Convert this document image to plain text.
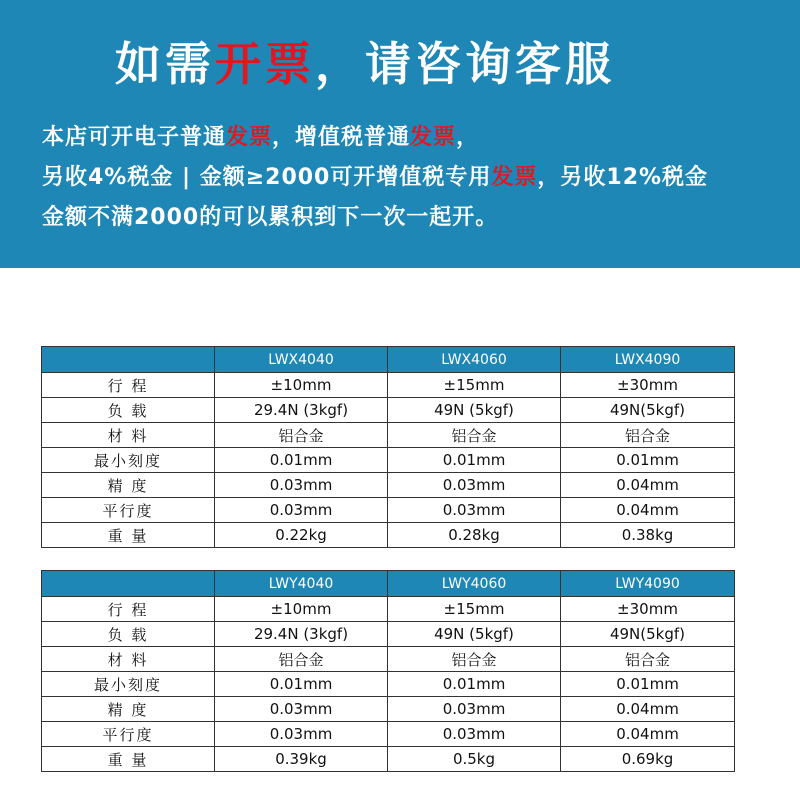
如需开票，请咨询客服
本店可开电子普通发票，增值税普通发票，
另收4%税金 | 金额≥2000可开增值税专用发票，另收12%税金
金额不满2000的可以累积到下一次一起开。
	LWX4040	LWX4060	LWX4090
行 程	±10mm	±15mm	±30mm
负 载	29.4N (3kgf)	49N (5kgf)	49N(5kgf)
材 料	铝合金	铝合金	铝合金
最小刻度	0.01mm	0.01mm	0.01mm
精 度	0.03mm	0.03mm	0.04mm
平行度	0.03mm	0.03mm	0.04mm
重 量	0.22kg	0.28kg	0.38kg
	LWY4040	LWY4060	LWY4090
行 程	±10mm	±15mm	±30mm
负 载	29.4N (3kgf)	49N (5kgf)	49N(5kgf)
材 料	铝合金	铝合金	铝合金
最小刻度	0.01mm	0.01mm	0.01mm
精 度	0.03mm	0.03mm	0.04mm
平行度	0.03mm	0.03mm	0.04mm
重 量	0.39kg	0.5kg	0.69kg
